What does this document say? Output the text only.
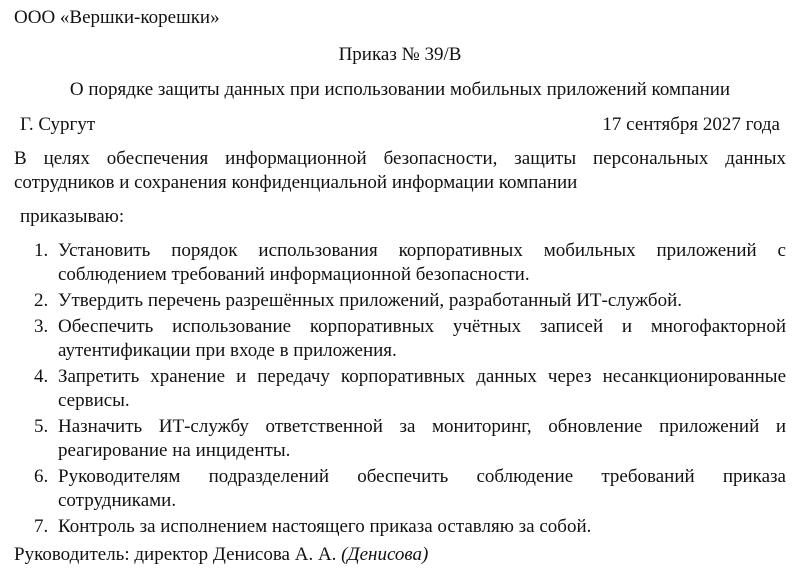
ООО «Вершки-корешки»
Приказ № 39/В
О порядке защиты данных при использовании мобильных приложений компании
Г. Сургут	17 сентября 2027 года
В целях обеспечения информационной безопасности, защиты персональных данных сотрудников и сохранения конфиденциальной информации компании
приказываю:
1. Установить порядок использования корпоративных мобильных приложений с соблюдением требований информационной безопасности.
2. Утвердить перечень разрешённых приложений, разработанный ИТ-службой.
3. Обеспечить использование корпоративных учётных записей и многофакторной аутентификации при входе в приложения.
4. Запретить хранение и передачу корпоративных данных через несанкционированные сервисы.
5. Назначить ИТ-службу ответственной за мониторинг, обновление приложений и реагирование на инциденты.
6. Руководителям подразделений обеспечить соблюдение требований приказа сотрудниками.
7. Контроль за исполнением настоящего приказа оставляю за собой.
Руководитель: директор Денисова А. А. (Денисова)
